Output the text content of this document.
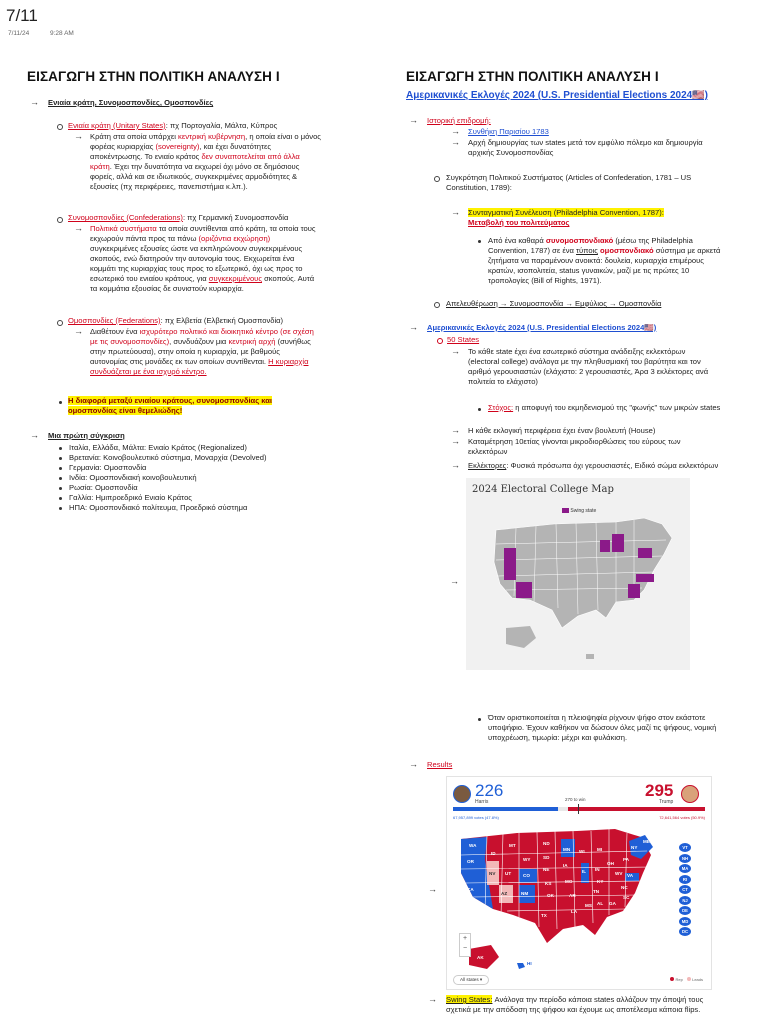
7/11
7/11/24	9:28 AM
ΕΙΣΑΓΩΓΗ ΣΤΗΝ ΠΟΛΙΤΙΚΗ ΑΝΑΛΥΣΗ Ι
→ Ενιαία κράτη, Συνομοσπονδίες, Ομοσπονδίες
Ενιαία κράτη (Unitary States): πχ Πορτογαλία, Μάλτα, Κύπρος
→ Κράτη στα οποία υπάρχει κεντρική κυβέρνηση, η οποία είναι ο μόνος
φορέας κυριαρχίας (sovereignty), και έχει δυνατότητες
αποκέντρωσης. Το ενιαίο κράτος δεν συναποτελείται από άλλα
κράτη. Έχει την δυνατότητα να εκχωρεί όχι μόνο σε δημόσιους
φορείς, αλλά και σε ιδιωτικούς, συγκεκριμένες αρμοδιότητες &
εξουσίες (πχ περιφέρειες, πανεπιστήμια κ.λπ.).
Συνομοσπονδίες (Confederations): πχ Γερμανική Συνομοσπονδία
→ Πολιτικά συστήματα τα οποία συντίθενται από κράτη, τα οποία τους
εκχωρούν πάντα προς τα πάνω (οριζόντια εκχώρηση)
συγκεκριμένες εξουσίες ώστε να εκπληρώνουν συγκεκριμένους
σκοπούς, ενώ διατηρούν την αυτονομία τους. Εκχωρείται ένα
κομμάτι της κυριαρχίας τους προς το εξωτερικό, όχι ως προς το
εσωτερικό του ενιαίου κράτους, για συγκεκριμένους σκοπούς. Αυτά
τα κομμάτια εξουσίας δε συνιστούν κυριαρχία.
Ομοσπονδίες (Federations): πχ Ελβετία (Ελβετική Ομοσπονδία)
→ Διαθέτουν ένα ισχυρότερο πολιτικό και διοικητικό κέντρο (σε σχέση
με τις συνομοσπονδίες), συνδυάζουν μια κεντρική αρχή (συνήθως
στην πρωτεύουσα), στην οποία η κυριαρχία, με βαθμούς
αυτονομίας στις μονάδες εκ των οποίων συντίθενται. Η κυριαρχία
συνδυάζεται με ένα ισχυρό κέντρο.
Η διαφορά μεταξύ ενιαίου κράτους, συνομοσπονδίας και
ομοσπονδίας είναι θεμελιώδης!
→ Μια πρώτη σύγκριση
Ιταλία, Ελλάδα, Μάλτα: Ενιαίο Κράτος (Regionalized)
Βρετανία: Κοινοβουλευτικό σύστημα, Μοναρχία (Devolved)
Γερμανία: Ομοσπονδία
Ινδία: Ομοσπονδιακή κοινοβουλευτική
Ρωσία: Ομοσπονδία
Γαλλία: Ημιπροεδρικό Ενιαίο Κράτος
ΗΠΑ: Ομοσπονδιακό πολίτευμα, Προεδρικό σύστημα
ΕΙΣΑΓΩΓΗ ΣΤΗΝ ΠΟΛΙΤΙΚΗ ΑΝΑΛΥΣΗ Ι
Αμερικανικές Εκλογές 2024 (U.S. Presidential Elections 2024🇺🇸)
→ Ιστορική επιδρομή:
→ Συνθήκη Παρισίου 1783
→ Αρχή δημιουργίας των states μετά τον εμφύλιο πόλεμο και δημιουργία
αρχικής Συνομοσπονδίας
Συγκρότηση Πολιτικού Συστήματος (Articles of Confederation, 1781 – US
Constitution, 1789):
→ Συνταγματική Συνέλευση (Philadelphia Convention, 1787):
Μεταβολή του πολιτεύματος
Από ένα καθαρά συνομοσπονδιακό (μέσω της Philadelphia
Convention, 1787) σε ένα τύποις ομοσπονδιακό σύστημα με αρκετά
ζητήματα να παραμένουν ανοικτά: δουλεία, κυριαρχία επιμέρους
κρατών, ισοπολιτεία, status γυναικών, μαζί με τις πρώτες 10
τροπολογίες (Bill of Rights, 1971).
Απελευθέρωση → Συνομοσπονδία → Εμφύλιος → Ομοσπονδία
→ Αμερικανικές Εκλογές 2024 (U.S. Presidential Elections 2024🇺🇸)
50 States
→ Το κάθε state έχει ένα εσωτερικό σύστημα ανάδειξης εκλεκτόρων
(electoral college) ανάλογα με την πληθυσμιακή του βαρύτητα και τον
αριθμό γερουσιαστών (ελάχιστο: 2 γερουσιαστές, Άρα 3 εκλέκτορες ανά
πολιτεία το ελάχιστο)
Στόχος: η αποφυγή του εκμηδενισμού της "φωνής" των μικρών states
→ Η κάθε εκλογική περιφέρεια έχει έναν βουλευτή (House)
→ Καταμέτρηση 10ετίας γίνονται μικροδιορθώσεις του εύρους των
εκλεκτόρων
→ Εκλέκτορες: Φυσικά πρόσωπα όχι γερουσιαστές, Ειδικό σώμα εκλεκτόρων
→
2024 Electoral College Map
Swing state
Όταν οριστικοποιείται η πλειοψηφία ρίχνουν ψήφο στον εκάστοτε
υποψήφιο. Έχουν καθήκον να δώσουν όλες μαζί τις ψήφους, νομική
υποχρέωση, τιμωρία: μέχρι και φυλάκιση.
→ Results
→
226
Harris
295
Trump
270 to win
67,957,899 votes (47.8%)	72,641,564 votes (50.9%)
WA
OR
MT	ND
MN
ID
SD
WI	MI	NY
CA
NV UT	CO
NE
IA
IL IN
OH
PA
WY
KS	MO	KY
WV VA
AZ	NM	OK	AR
TN
NC
SC
TX
LA
MS AL GA
FL
AK
HI
ME
VT
NH
MA
RI
CT
NJ
DE
MD
DC
+
−
All states ▾	Rep Leads
→ Swing States: Ανάλογα την περίοδο κάποια states αλλάζουν την άποψή τους
σχετικά με την απόδοση της ψήφου και έχουμε ως αποτέλεσμα κάποια flips.
